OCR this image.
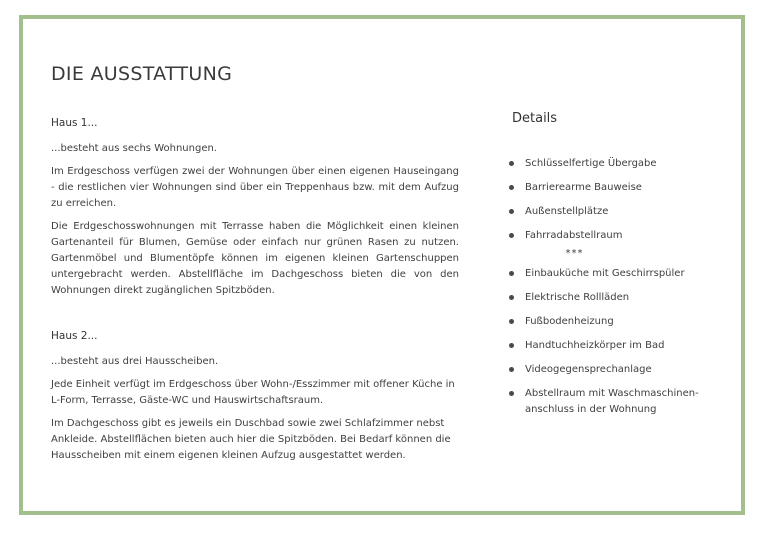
DIE AUSSTATTUNG
Haus 1...

...besteht aus sechs Wohnungen.

Im Erdgeschoss verfügen zwei der Wohnungen über einen eigenen Hauseingang - die restlichen vier Wohnungen sind über ein Treppenhaus bzw. mit dem Aufzug zu erreichen.

Die Erdgeschosswohnungen mit Terrasse haben die Möglichkeit einen kleinen Gartenanteil für Blumen, Gemüse oder einfach nur grünen Rasen zu nutzen. Gartenmöbel und Blumentöpfe können im eigenen kleinen Gartenschuppen untergebracht werden. Abstellfläche im Dachgeschoss bieten die von den Wohnungen direkt zugänglichen Spitzböden.

Haus 2...

...besteht aus drei Hausscheiben.

Jede Einheit verfügt im Erdgeschoss über Wohn-/Esszimmer mit offener Küche in L-Form, Terrasse, Gäste-WC und Hauswirtschaftsraum.

Im Dachgeschoss gibt es jeweils ein Duschbad sowie zwei Schlafzimmer nebst Ankleide. Abstellflächen bieten auch hier die Spitzböden. Bei Bedarf können die Hausscheiben mit einem eigenen kleinen Aufzug ausgestattet werden.

Details
Schlüsselfertige Übergabe
Barrierearme Bauweise
Außenstellplätze
Fahrradabstellraum
***
Einbauküche mit Geschirrspüler
Elektrische Rollläden
Fußbodenheizung
Handtuchheizkörper im Bad
Videogegensprechanlage
Abstellraum mit Waschmaschinen-anschluss in der Wohnung
